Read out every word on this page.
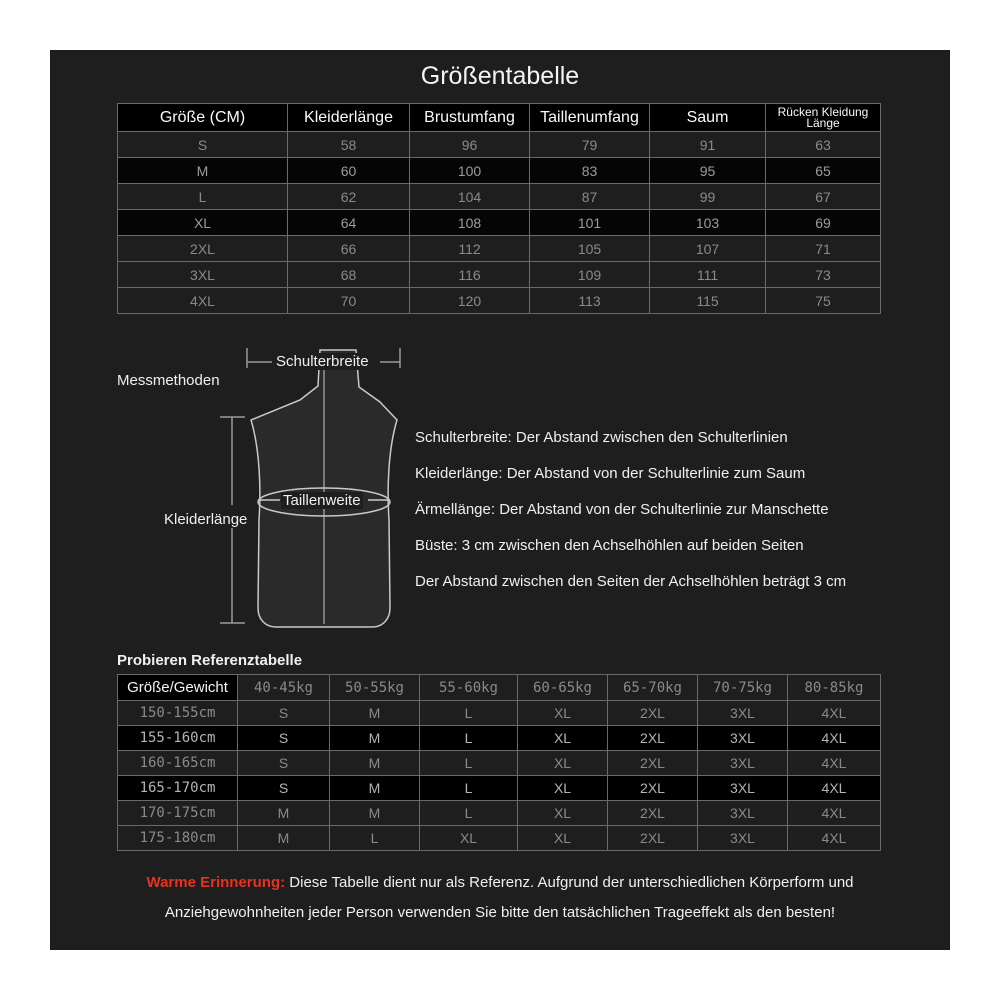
Größentabelle
Größe (CM)	Kleiderlänge	Brustumfang	Taillenumfang	Saum	Rücken Kleidung Länge
S	58	96	79	91	63
M	60	100	83	95	65
L	62	104	87	99	67
XL	64	108	101	103	69
2XL	66	112	105	107	71
3XL	68	116	109	111	73
4XL	70	120	113	115	75
Messmethoden
Schulterbreite
Taillenweite
Kleiderlänge
Schulterbreite: Der Abstand zwischen den Schulterlinien
Kleiderlänge: Der Abstand von der Schulterlinie zum Saum
Ärmellänge: Der Abstand von der Schulterlinie zur Manschette
Büste: 3 cm zwischen den Achselhöhlen auf beiden Seiten
Der Abstand zwischen den Seiten der Achselhöhlen beträgt 3 cm
Probieren Referenztabelle
Größe/Gewicht	40-45kg	50-55kg	55-60kg	60-65kg	65-70kg	70-75kg	80-85kg
150-155cm	S	M	L	XL	2XL	3XL	4XL
155-160cm	S	M	L	XL	2XL	3XL	4XL
160-165cm	S	M	L	XL	2XL	3XL	4XL
165-170cm	S	M	L	XL	2XL	3XL	4XL
170-175cm	M	M	L	XL	2XL	3XL	4XL
175-180cm	M	L	XL	XL	2XL	3XL	4XL
Warme Erinnerung: Diese Tabelle dient nur als Referenz. Aufgrund der unterschiedlichen Körperform und
Anziehgewohnheiten jeder Person verwenden Sie bitte den tatsächlichen Trageeffekt als den besten!
